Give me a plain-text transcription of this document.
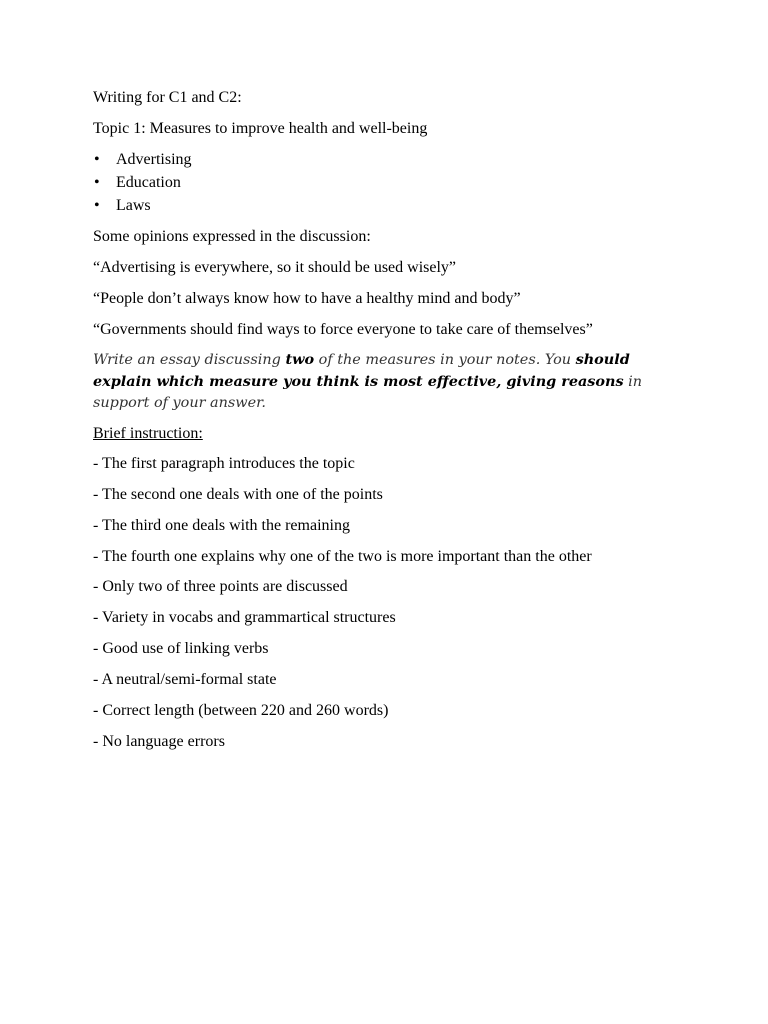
Writing for C1 and C2:
Topic 1: Measures to improve health and well-being
• Advertising
• Education
• Laws
Some opinions expressed in the discussion:
“Advertising is everywhere, so it should be used wisely”
“People don’t always know how to have a healthy mind and body”
“Governments should find ways to force everyone to take care of themselves”
Write an essay discussing two of the measures in your notes. You should explain which measure you think is most effective, giving reasons in support of your answer.
Brief instruction:
- The first paragraph introduces the topic
- The second one deals with one of the points
- The third one deals with the remaining
- The fourth one explains why one of the two is more important than the other
- Only two of three points are discussed
- Variety in vocabs and grammartical structures
- Good use of linking verbs
- A neutral/semi-formal state
- Correct length (between 220 and 260 words)
- No language errors
